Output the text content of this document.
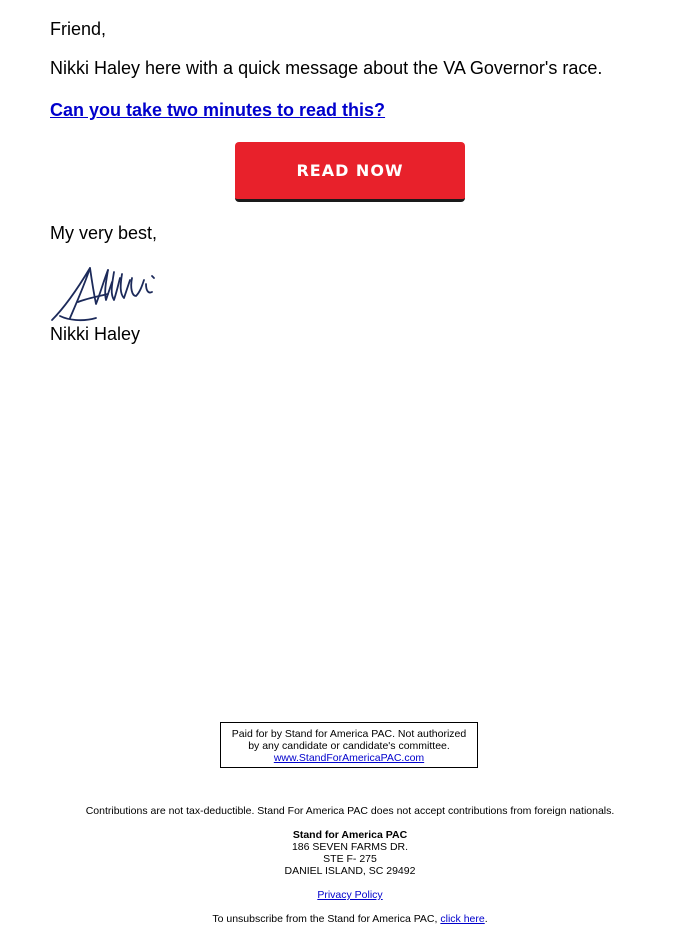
Friend,

Nikki Haley here with a quick message about the VA Governor's race.

Can you take two minutes to read this?
READ NOW

My very best,

Nikki Haley

Paid for by Stand for America PAC. Not authorized
by any candidate or candidate's committee.
www.StandForAmericaPAC.com

Contributions are not tax-deductible. Stand For America PAC does not accept contributions from foreign nationals.

Stand for America PAC
186 SEVEN FARMS DR.
STE F- 275
DANIEL ISLAND, SC 29492

Privacy Policy

To unsubscribe from the Stand for America PAC, click here.
